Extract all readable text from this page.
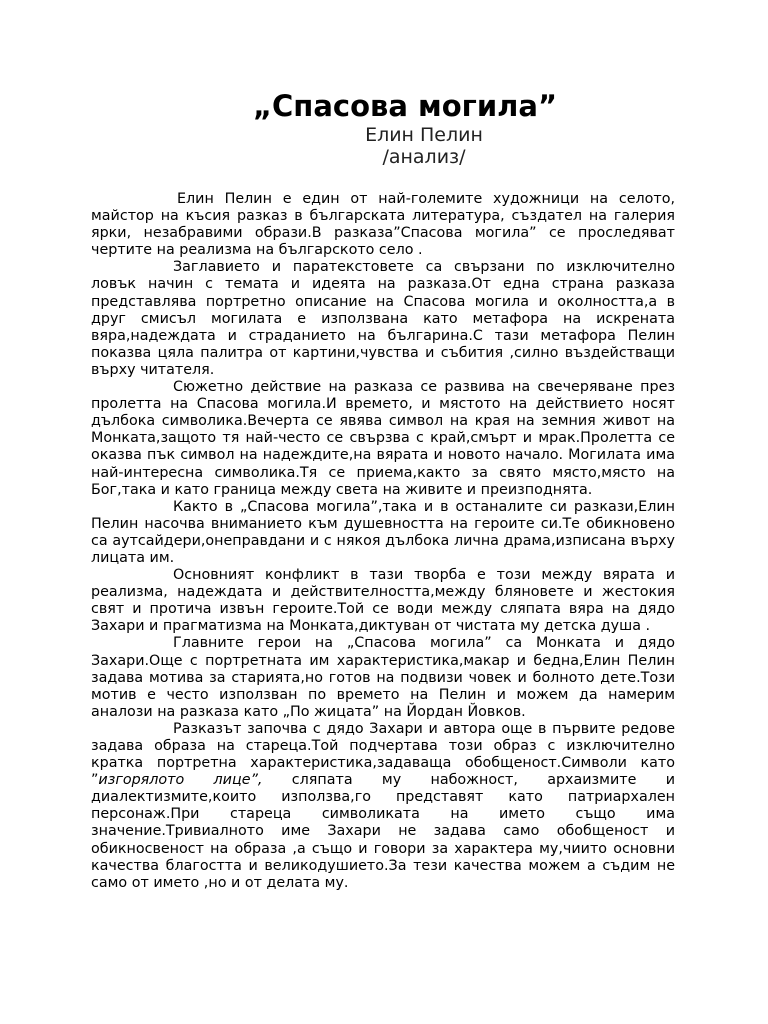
„Спасова могила”
Елин Пелин
/анализ/

Елин Пелин е един от най-големите художници на селото, майстор на късия разказ в българската литература, създател на галерия ярки, незабравими образи.В разказа”Спасова могила” се проследяват чертите на реализма на българското село .

Заглавието и паратекстовете са свързани по изключително ловък начин с темата и идеята на разказа.От една страна разказа представлява портретно описание на Спасова могила и околността,а в друг смисъл могилата е използвана като метафора на искрената вяра,надеждата и страданието на българина.С тази метафора Пелин показва цяла палитра от картини,чувства и събития ,силно въздействащи върху читателя.

Сюжетно действие на разказа се развива на свечеряване през пролетта на Спасова могила.И времето, и мястото на действието носят дълбока символика.Вечерта се явява символ на края на земния живот на Монката,защото тя най-често се свързва с край,смърт и мрак.Пролетта се оказва пък символ на надеждите,на вярата и новото начало. Могилата има най-интересна символика.Тя се приема,както за свято място,място на Бог,така и като граница между света на живите и преизподнята.

Както в „Спасова могила”,така и в останалите си разкази,Елин Пелин насочва вниманието към душевността на героите си.Те обикновено са аутсайдери,онеправдани и с някоя дълбока лична драма,изписана върху лицата им.

Основният конфликт в тази творба е този между вярата и реализма, надеждата и действителността,между бляновете и жестокия свят и протича извън героите.Той се води между сляпата вяра на дядо Захари и прагматизма на Монката,диктуван от чистата му детска душа .

Главните герои на „Спасова могила” са Монката и дядо Захари.Още с портретната им характеристика,макар и бедна,Елин Пелин задава мотива за старията,но готов на подвизи човек и болното дете.Този мотив е често използван по времето на Пелин и можем да намерим аналози на разказа като „По жицата” на Йордан Йовков.

Разказът започва с дядо Захари и автора още в първите редове задава образа на стареца.Той подчертава този образ с изключително кратка портретна характеристика,задаваща обобщеност.Символи като ”изгорялото лице”, сляпата му набожност, архаизмите и диалектизмите,които използва,го представят като патриархален персонаж.При стареца символиката на името също има значение.Тривиалното име Захари не задава само обобщеност и обикносвеност на образа ,а също и говори за характера му,чиито основни качества благостта и великодушието.За тези качества можем а съдим не само от името ,но и от делата му.
